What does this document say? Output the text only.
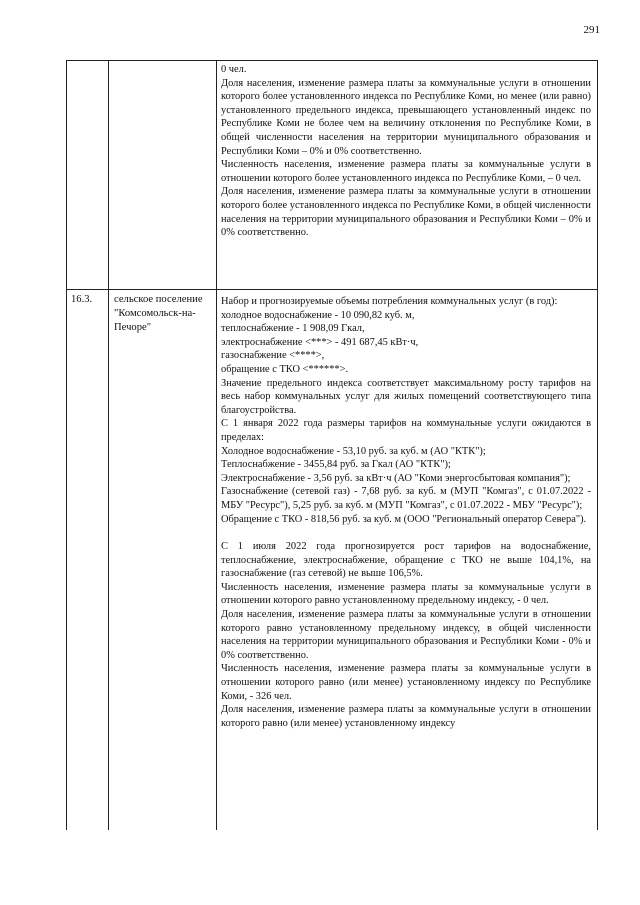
291

0 чел.

Доля населения, изменение размера платы за коммунальные услуги в отношении которого более установленного индекса по Республике Коми, но менее (или равно) установленного предельного индекса, превышающего установленный индекс по Республике Коми не более чем на величину отклонения по Республике Коми, в общей численности населения на территории муниципального образования и Республики Коми – 0% и 0% соответственно.

Численность населения, изменение размера платы за коммунальные услуги в отношении которого более установленного индекса по Республике Коми, – 0 чел.

Доля населения, изменение размера платы за коммунальные услуги в отношении которого более установленного индекса по Республике Коми, в общей численности населения на территории муниципального образования и Республики Коми – 0% и 0% соответственно.

16.3.	сельское поселение "Комсомольск-на-Печоре"

Набор и прогнозируемые объемы потребления коммунальных услуг (в год):

холодное водоснабжение - 10 090,82 куб. м,

теплоснабжение - 1 908,09 Гкал,

электроснабжение <***> - 491 687,45 кВт·ч,

газоснабжение <****>,

обращение с ТКО <******>.

Значение предельного индекса соответствует максимальному росту тарифов на весь набор коммунальных услуг для жилых помещений соответствующего типа благоустройства.

С 1 января 2022 года размеры тарифов на коммунальные услуги ожидаются в пределах:

Холодное водоснабжение - 53,10 руб. за куб. м (АО "КТК");

Теплоснабжение - 3455,84 руб. за Гкал (АО "КТК");

Электроснабжение - 3,56 руб. за кВт·ч (АО "Коми энергосбытовая компания");

Газоснабжение (сетевой газ) - 7,68 руб. за куб. м (МУП "Комгаз", с 01.07.2022 - МБУ "Ресурс"), 5,25 руб. за куб. м (МУП "Комгаз", с 01.07.2022 - МБУ "Ресурс");

Обращение с ТКО - 818,56 руб. за куб. м (ООО "Региональный оператор Севера").

С 1 июля 2022 года прогнозируется рост тарифов на водоснабжение, теплоснабжение, электроснабжение, обращение с ТКО не выше 104,1%, на газоснабжение (газ сетевой) не выше 106,5%.

Численность населения, изменение размера платы за коммунальные услуги в отношении которого равно установленному предельному индексу, - 0 чел.

Доля населения, изменение размера платы за коммунальные услуги в отношении которого равно установленному предельному индексу, в общей численности населения на территории муниципального образования и Республики Коми - 0% и 0% соответственно.

Численность населения, изменение размера платы за коммунальные услуги в отношении которого равно (или менее) установленному индексу по Республике Коми, - 326 чел.

Доля населения, изменение размера платы за коммунальные услуги в отношении которого равно (или менее) установленному индексу
